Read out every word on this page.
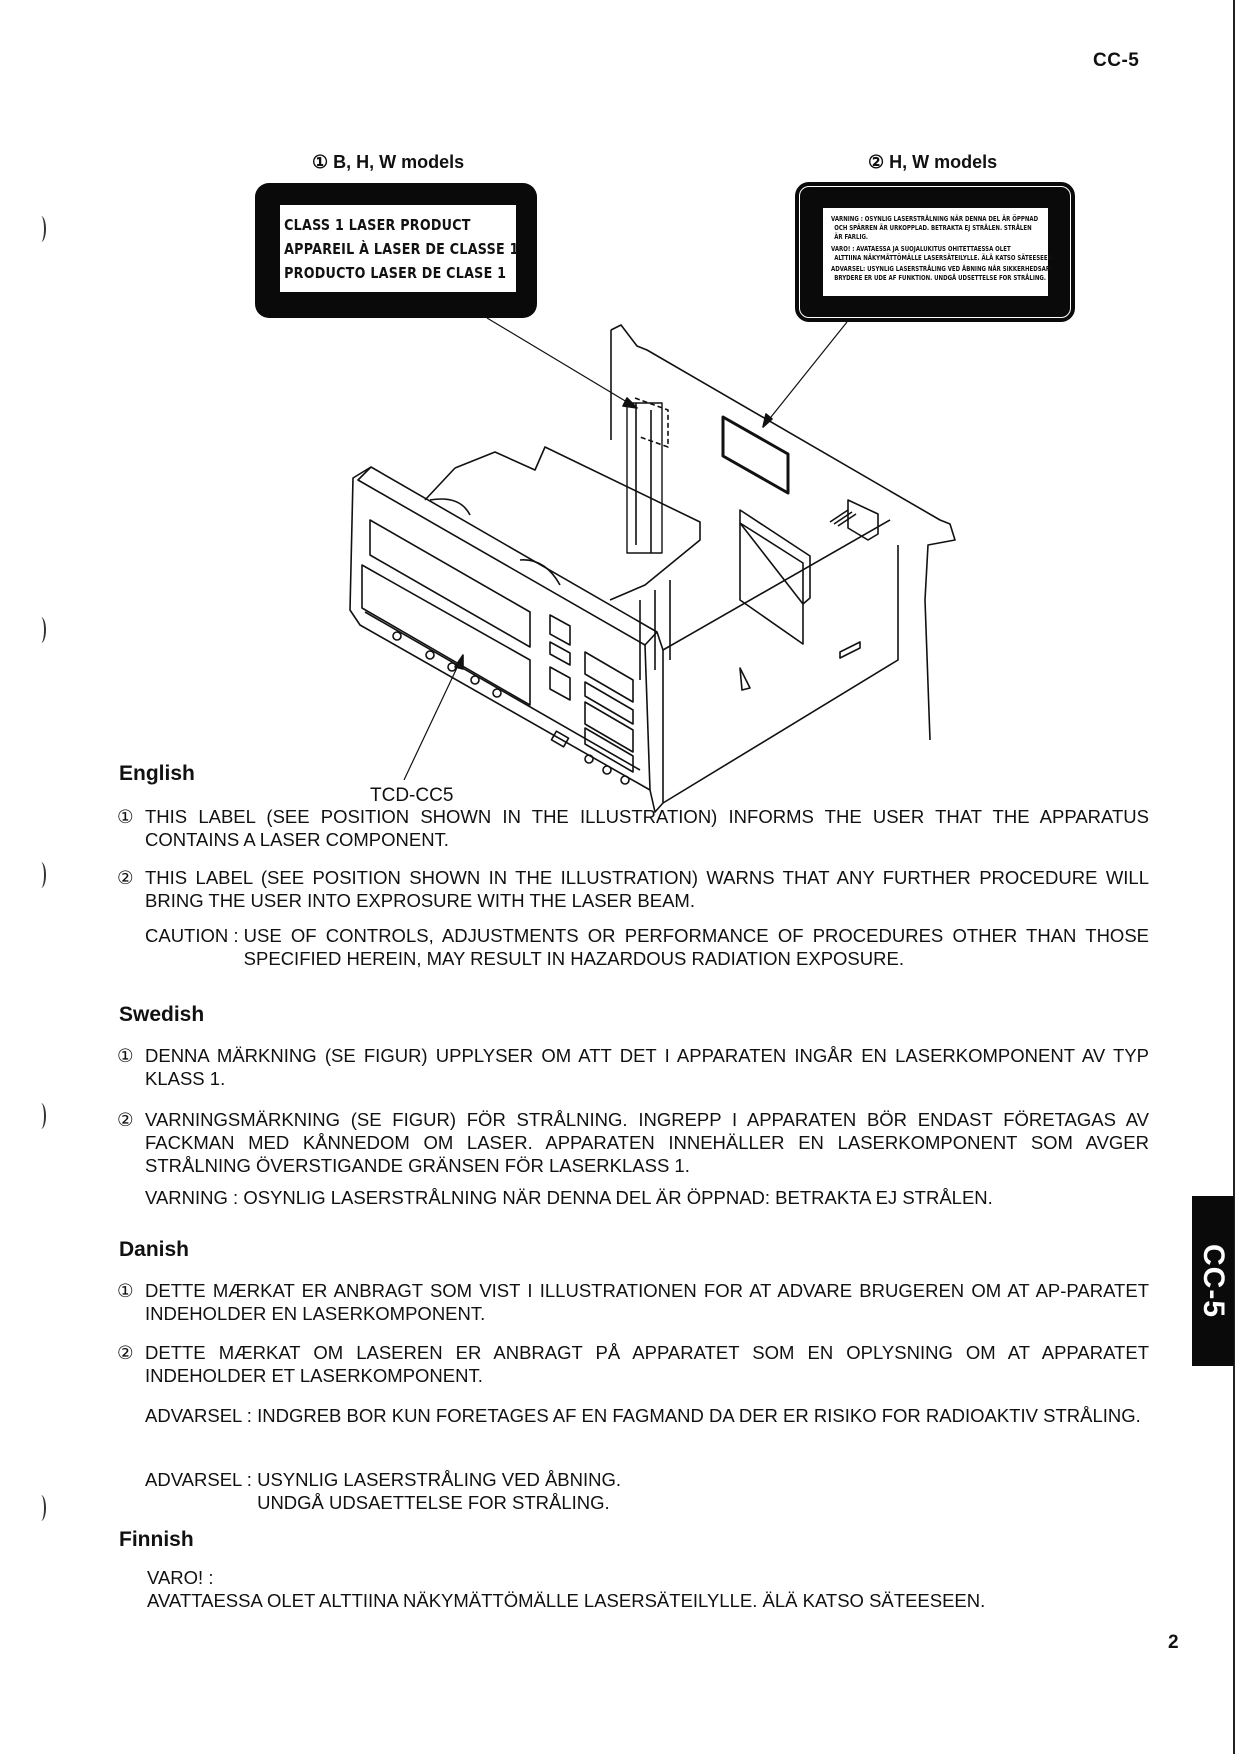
CC-5
CC-5
2
① B, H, W models
CLASS 1 LASER PRODUCT
APPAREIL À LASER DE CLASSE 1
PRODUCTO LASER DE CLASE 1
② H, W models
VARNING : OSYNLIG LASERSTRÅLNING NÄR DENNA DEL ÄR ÖPPNAD
OCH SPÄRREN ÄR URKOPPLAD. BETRAKTA EJ STRÅLEN. STRÅLEN
ÄR FARLIG.
VARO! : AVATAESSA JA SUOJALUKITUS OHITETTAESSA OLET
ALTTIINA NÄKYMÄTTÖMÄLLE LASERSÄTEILYLLE. ÄLÄ KATSO SÄTEESEEN.
ADVARSEL: USYNLIG LASERSTRÅLING VED ÅBNING NÅR SIKKERHEDSAF-
BRYDERE ER UDE AF FUNKTION. UNDGÅ UDSETTELSE FOR STRÅLING.
TCD-CC5
English
① THIS LABEL (SEE POSITION SHOWN IN THE ILLUSTRATION) INFORMS THE USER THAT THE APPARATUS CONTAINS A LASER COMPONENT.
② THIS LABEL (SEE POSITION SHOWN IN THE ILLUSTRATION) WARNS THAT ANY FURTHER PROCEDURE WILL BRING THE USER INTO EXPROSURE WITH THE LASER BEAM.
CAUTION : USE OF CONTROLS, ADJUSTMENTS OR PERFORMANCE OF PROCEDURES OTHER THAN THOSE SPECIFIED HEREIN, MAY RESULT IN HAZARDOUS RADIATION EXPOSURE.
Swedish
① DENNA MÄRKNING (SE FIGUR) UPPLYSER OM ATT DET I APPARATEN INGÅR EN LASERKOMPONENT AV TYP KLASS 1.
② VARNINGSMÄRKNING (SE FIGUR) FÖR STRÅLNING. INGREPP I APPARATEN BÖR ENDAST FÖRETAGAS AV FACKMAN MED KÅNNEDOM OM LASER. APPARATEN INNEHÄLLER EN LASERKOMPONENT SOM AVGER STRÅLNING ÖVERSTIGANDE GRÄNSEN FÖR LASERKLASS 1.
VARNING : OSYNLIG LASERSTRÅLNING NÄR DENNA DEL ÄR ÖPPNAD: BETRAKTA EJ STRÅLEN.
Danish
① DETTE MÆRKAT ER ANBRAGT SOM VIST I ILLUSTRATIONEN FOR AT ADVARE BRUGEREN OM AT AP-PARATET INDEHOLDER EN LASERKOMPONENT.
② DETTE MÆRKAT OM LASEREN ER ANBRAGT PÅ APPARATET SOM EN OPLYSNING OM AT APPARATET INDEHOLDER ET LASERKOMPONENT.
ADVARSEL : INDGREB BOR KUN FORETAGES AF EN FAGMAND DA DER ER RISIKO FOR RADIOAKTIV STRÅLING.
ADVARSEL : USYNLIG LASERSTRÅLING VED ÅBNING.
UNDGÅ UDSAETTELSE FOR STRÅLING.
Finnish
VARO! :
AVATTAESSA OLET ALTTIINA NÄKYMÄTTÖMÄLLE LASERSÄTEILYLLE. ÄLÄ KATSO SÄTEESEEN.
